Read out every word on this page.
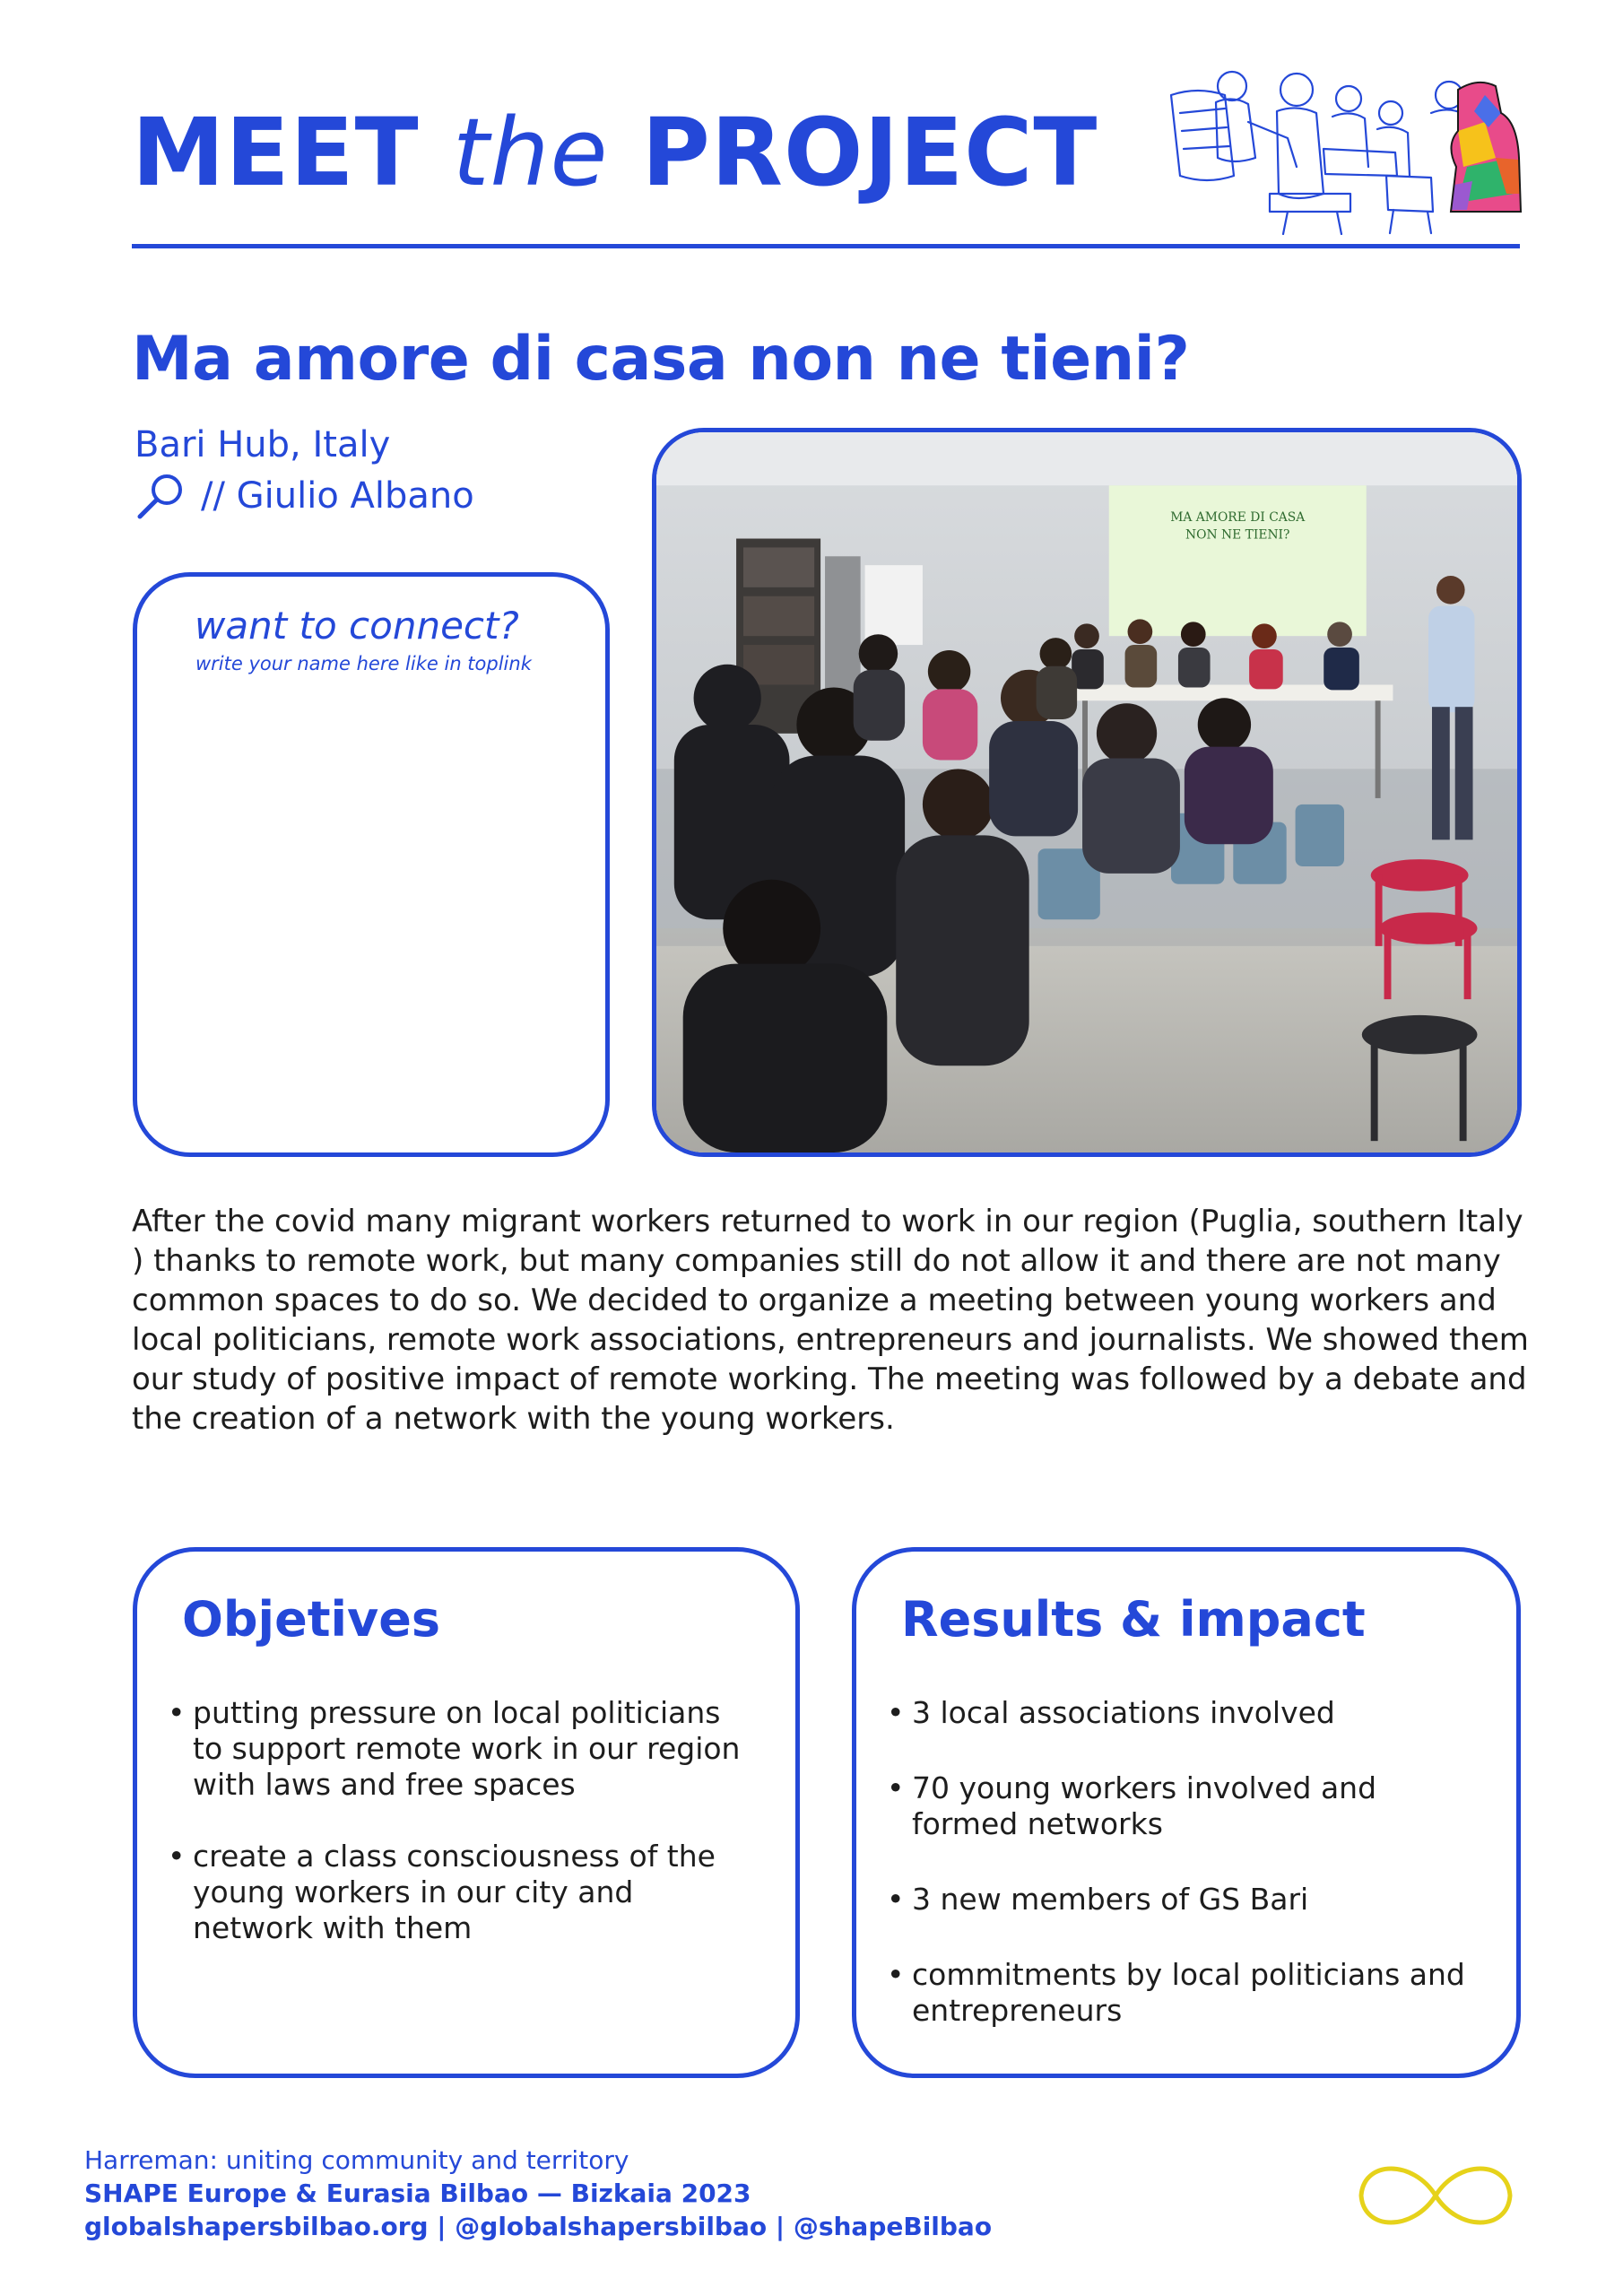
MEET the PROJECT
Ma amore di casa non ne tieni?
Bari Hub, Italy
// Giulio Albano
want to connect?
write your name here like in toplink
MA AMORE DI CASA
NON NE TIENI?
After the covid many migrant workers returned to work in our region (Puglia, southern Italy ) thanks to remote work, but many companies still do not allow it and there are not many common spaces to do so. We decided to organize a meeting between young workers and local politicians, remote work associations, entrepreneurs and journalists. We showed them our study of positive impact of remote working. The meeting was followed by a debate and the creation of a network with the young workers.
Objetives
• putting pressure on local politicians to support remote work in our region with laws and free spaces
• create a class consciousness of the young workers in our city and network with them
Results & impact
• 3 local associations involved
• 70 young workers involved and formed networks
• 3 new members of GS Bari
• commitments by local politicians and entrepreneurs
Harreman: uniting community and territory
SHAPE Europe & Eurasia Bilbao — Bizkaia 2023
globalshapersbilbao.org | @globalshapersbilbao | @shapeBilbao
